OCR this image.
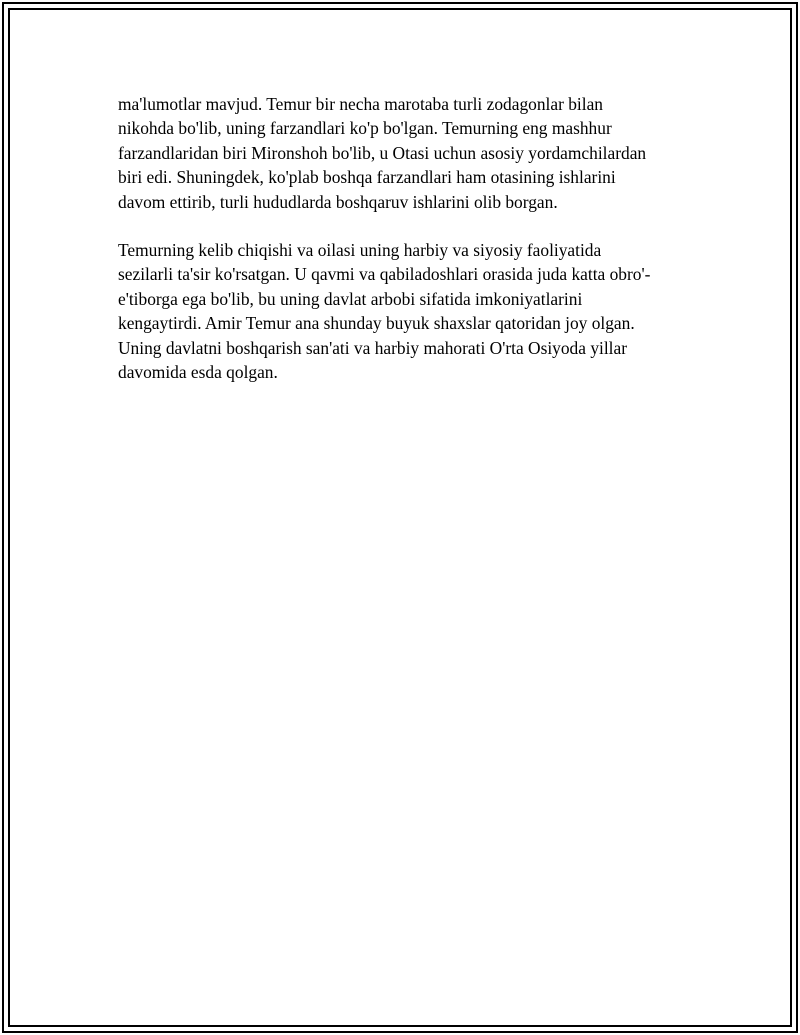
ma'lumotlar mavjud. Temur bir necha marotaba turli zodagonlar bilan
nikohda bo'lib, uning farzandlari ko'p bo'lgan. Temurning eng mashhur
farzandlaridan biri Mironshoh bo'lib, u Otasi uchun asosiy yordamchilardan
biri edi. Shuningdek, ko'plab boshqa farzandlari ham otasining ishlarini
davom ettirib, turli hududlarda boshqaruv ishlarini olib borgan.

Temurning kelib chiqishi va oilasi uning harbiy va siyosiy faoliyatida
sezilarli ta'sir ko'rsatgan. U qavmi va qabiladoshlari orasida juda katta obro'-
e'tiborga ega bo'lib, bu uning davlat arbobi sifatida imkoniyatlarini
kengaytirdi. Amir Temur ana shunday buyuk shaxslar qatoridan joy olgan.
Uning davlatni boshqarish san'ati va harbiy mahorati O'rta Osiyoda yillar
davomida esda qolgan.
